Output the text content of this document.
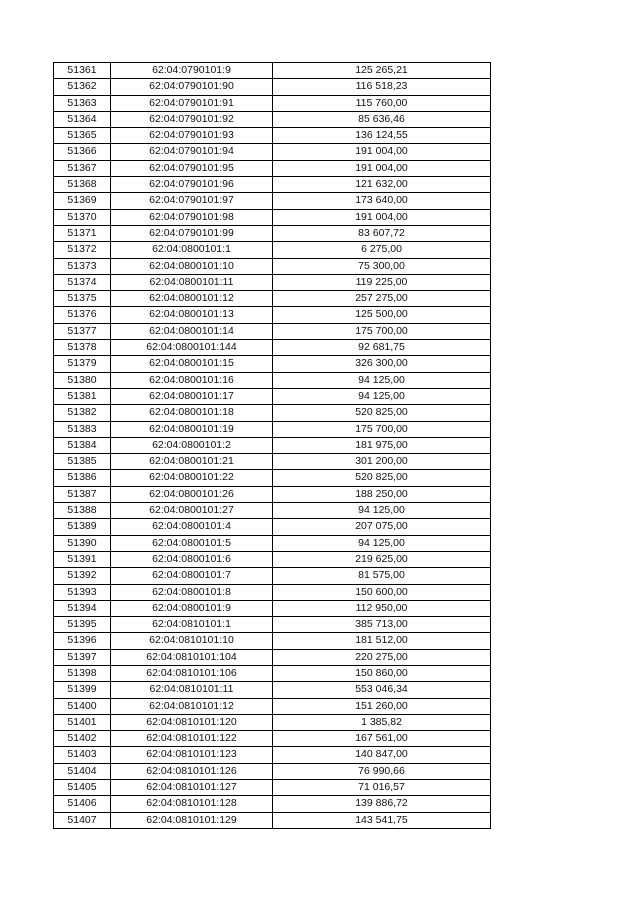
51361	62:04:0790101:9	125 265,21
51362	62:04:0790101:90	116 518,23
51363	62:04:0790101:91	115 760,00
51364	62:04:0790101:92	85 636,46
51365	62:04:0790101:93	136 124,55
51366	62:04:0790101:94	191 004,00
51367	62:04:0790101:95	191 004,00
51368	62:04:0790101:96	121 632,00
51369	62:04:0790101:97	173 640,00
51370	62:04:0790101:98	191 004,00
51371	62:04:0790101:99	83 607,72
51372	62:04:0800101:1	6 275,00
51373	62:04:0800101:10	75 300,00
51374	62:04:0800101:11	119 225,00
51375	62:04:0800101:12	257 275,00
51376	62:04:0800101:13	125 500,00
51377	62:04:0800101:14	175 700,00
51378	62:04:0800101:144	92 681,75
51379	62:04:0800101:15	326 300,00
51380	62:04:0800101:16	94 125,00
51381	62:04:0800101:17	94 125,00
51382	62:04:0800101:18	520 825,00
51383	62:04:0800101:19	175 700,00
51384	62:04:0800101:2	181 975,00
51385	62:04:0800101:21	301 200,00
51386	62:04:0800101:22	520 825,00
51387	62:04:0800101:26	188 250,00
51388	62:04:0800101:27	94 125,00
51389	62:04:0800101:4	207 075,00
51390	62:04:0800101:5	94 125,00
51391	62:04:0800101:6	219 625,00
51392	62:04:0800101:7	81 575,00
51393	62:04:0800101:8	150 600,00
51394	62:04:0800101:9	112 950,00
51395	62:04:0810101:1	385 713,00
51396	62:04:0810101:10	181 512,00
51397	62:04:0810101:104	220 275,00
51398	62:04:0810101:106	150 860,00
51399	62:04:0810101:11	553 046,34
51400	62:04:0810101:12	151 260,00
51401	62:04:0810101:120	1 385,82
51402	62:04:0810101:122	167 561,00
51403	62:04:0810101:123	140 847,00
51404	62:04:0810101:126	76 990,66
51405	62:04:0810101:127	71 016,57
51406	62:04:0810101:128	139 886,72
51407	62:04:0810101:129	143 541,75
